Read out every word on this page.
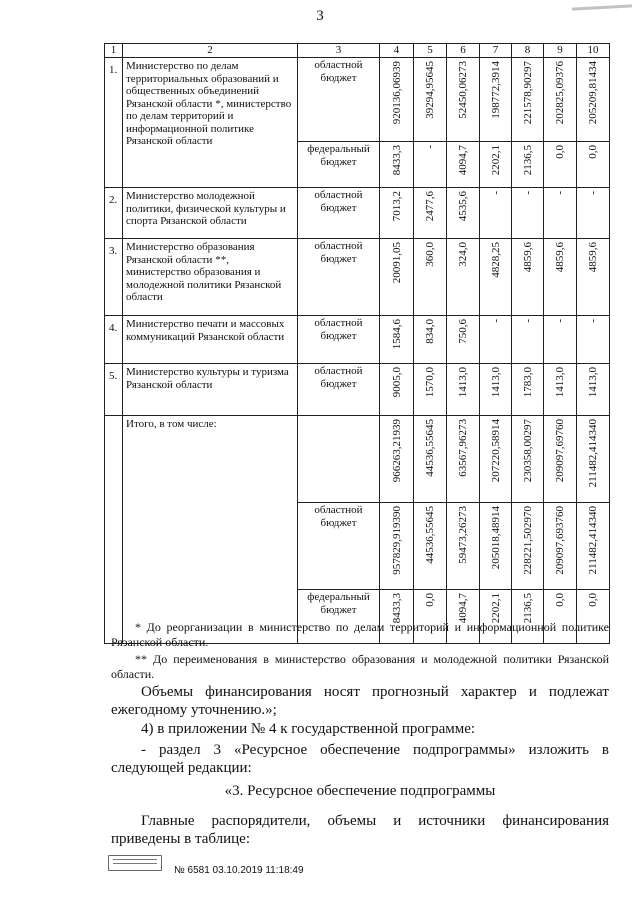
3
1	2	3	4	5	6	7	8	9	10
1.	Министерство по делам территориальных образований и общественных объединений Рязанской области *, министерство по делам территорий и информационной политике Рязанской области	областной бюджет	920136,06939	39294,95645	52450,06273	198772,3914	221578,90297	202825,09376	205209,81434

		федеральный бюджет	8433,3	-	4094,7	2202,1	2136,5	0,0	0,0

2.	Министерство молодежной политики, физической культуры и спорта Рязанской области	областной бюджет	7013,2	2477,6	4535,6	-	-	-	-

3.	Министерство образования Рязанской области **, министерство образования и молодежной политики Рязанской области	областной бюджет	20091,05	360,0	324,0	4828,25	4859,6	4859,6	4859,6

4.	Министерство печати и массовых коммуникаций Рязанской области	областной бюджет	1584,6	834,0	750,6	-	-	-	-

5.	Министерство культуры и туризма Рязанской области	областной бюджет	9005,0	1570,0	1413,0	1413,0	1783,0	1413,0	1413,0

	Итого, в том числе:		966263,21939	44536,55645	63567,96273	207220,58914	230358,00297	209097,69760	211482,414340

		областной бюджет	957829,919390	44536,55645	59473,26273	205018,48914	228221,502970	209097,693760	211482,414340

		федеральный бюджет	8433,3	0,0	4094,7	2202,1	2136,5	0,0	0,0
* До реорганизации в министерство по делам территорий и информационной политике Рязанской области.
** До переименования в министерство образования и молодежной политики Рязанской области.
Объемы финансирования носят прогнозный характер и подлежат ежегодному уточнению.»;
4) в приложении № 4 к государственной программе:
- раздел 3 «Ресурсное обеспечение подпрограммы» изложить в следующей редакции:
«3. Ресурсное обеспечение подпрограммы
Главные распорядители, объемы и источники финансирования приведены в таблице:
№ 6581 03.10.2019 11:18:49
